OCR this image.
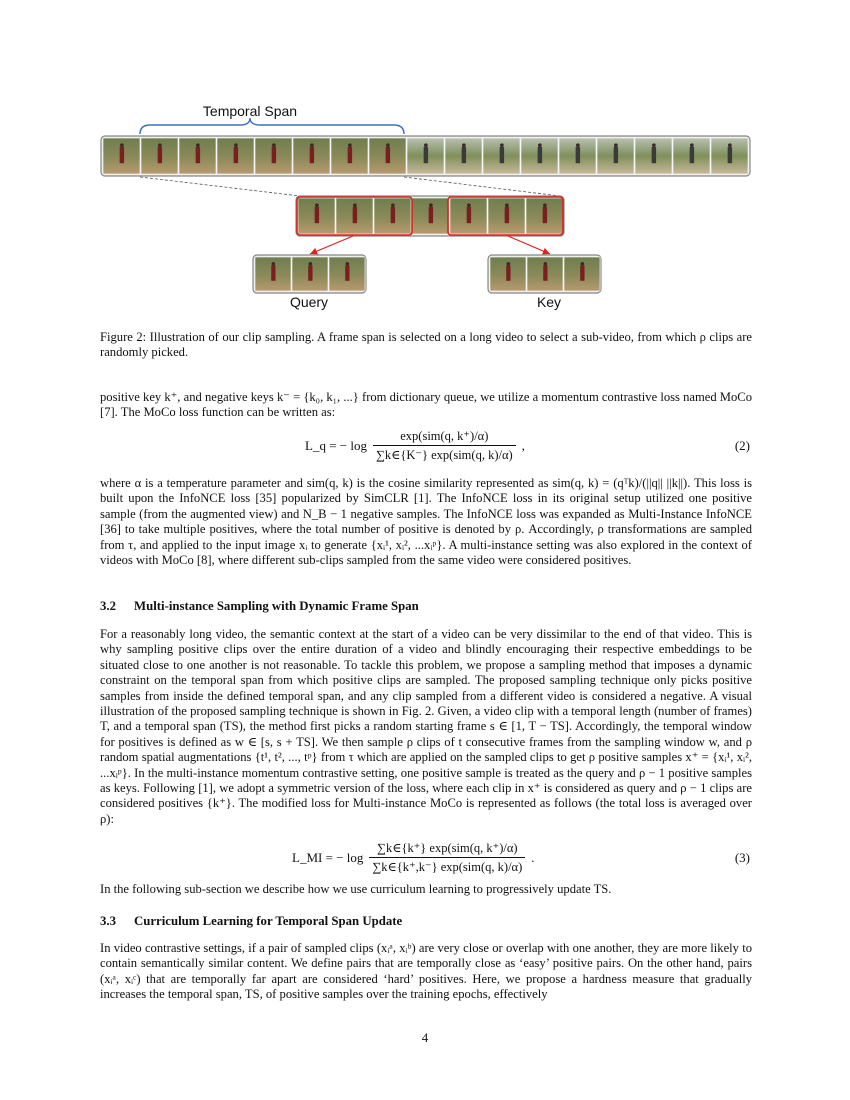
Temporal Span
Query	Key
Figure 2: Illustration of our clip sampling. A frame span is selected on a long video to select a sub-video, from which ρ clips are randomly picked.
positive key k⁺, and negative keys k⁻ = {k₀, k₁, ...} from dictionary queue, we utilize a momentum contrastive loss named MoCo [7]. The MoCo loss function can be written as:
L_q = − $\log \frac{\text{exp(sim(q, k⁺)/α)}}{\text{∑k∈\{K⁻\} exp(sim(q, k)/α)}}$ ,	(2)
where α is a temperature parameter and sim(q, k) is the cosine similarity represented as sim(q, k) = (qᵀk)/(||q|| ||k||). This loss is built upon the InfoNCE loss [35] popularized by SimCLR [1]. The InfoNCE loss in its original setup utilized one positive sample (from the augmented view) and N_B − 1 negative samples. The InfoNCE loss was expanded as Multi-Instance InfoNCE [36] to take multiple positives, where the total number of positive is denoted by ρ. Accordingly, ρ transformations are sampled from τ, and applied to the input image xᵢ to generate {xᵢ¹, xᵢ², ...xᵢᵖ}. A multi-instance setting was also explored in the context of videos with MoCo [8], where different sub-clips sampled from the same video were considered positives.
3.2 Multi-instance Sampling with Dynamic Frame Span
For a reasonably long video, the semantic context at the start of a video can be very dissimilar to the end of that video. This is why sampling positive clips over the entire duration of a video and blindly encouraging their respective embeddings to be situated close to one another is not reasonable. To tackle this problem, we propose a sampling method that imposes a dynamic constraint on the temporal span from which positive clips are sampled. The proposed sampling technique only picks positive samples from inside the defined temporal span, and any clip sampled from a different video is considered a negative. A visual illustration of the proposed sampling technique is shown in Fig. 2. Given, a video clip with a temporal length (number of frames) T, and a temporal span (TS), the method first picks a random starting frame s ∈ [1, T − TS]. Accordingly, the temporal window for positives is defined as w ∈ [s, s + TS]. We then sample ρ clips of t consecutive frames from the sampling window w, and ρ random spatial augmentations {t¹, t², ..., tᵖ} from τ which are applied on the sampled clips to get ρ positive samples x⁺ = {xᵢ¹, xᵢ², ...xᵢᵖ}. In the multi-instance momentum contrastive setting, one positive sample is treated as the query and ρ − 1 positive samples as keys. Following [1], we adopt a symmetric version of the loss, where each clip in x⁺ is considered as query and ρ − 1 clips are considered positives {k⁺}. The modified loss for Multi-instance MoCo is represented as follows (the total loss is averaged over ρ):
L_MI = − $\log \frac{\text{∑k∈\{k⁺\} exp(sim(q, k⁺)/α)}}{\text{∑k∈\{k⁺,k⁻\} exp(sim(q, k)/α)}}$ .	(3)
In the following sub-section we describe how we use curriculum learning to progressively update TS.
3.3 Curriculum Learning for Temporal Span Update
In video contrastive settings, if a pair of sampled clips (xᵢᵃ, xᵢᵇ) are very close or overlap with one another, they are more likely to contain semantically similar content. We define pairs that are temporally close as ‘easy’ positive pairs. On the other hand, pairs (xᵢᵃ, xᵢᶜ) that are temporally far apart are considered ‘hard’ positives. Here, we propose a hardness measure that gradually increases the temporal span, TS, of positive samples over the training epochs, effectively
4
